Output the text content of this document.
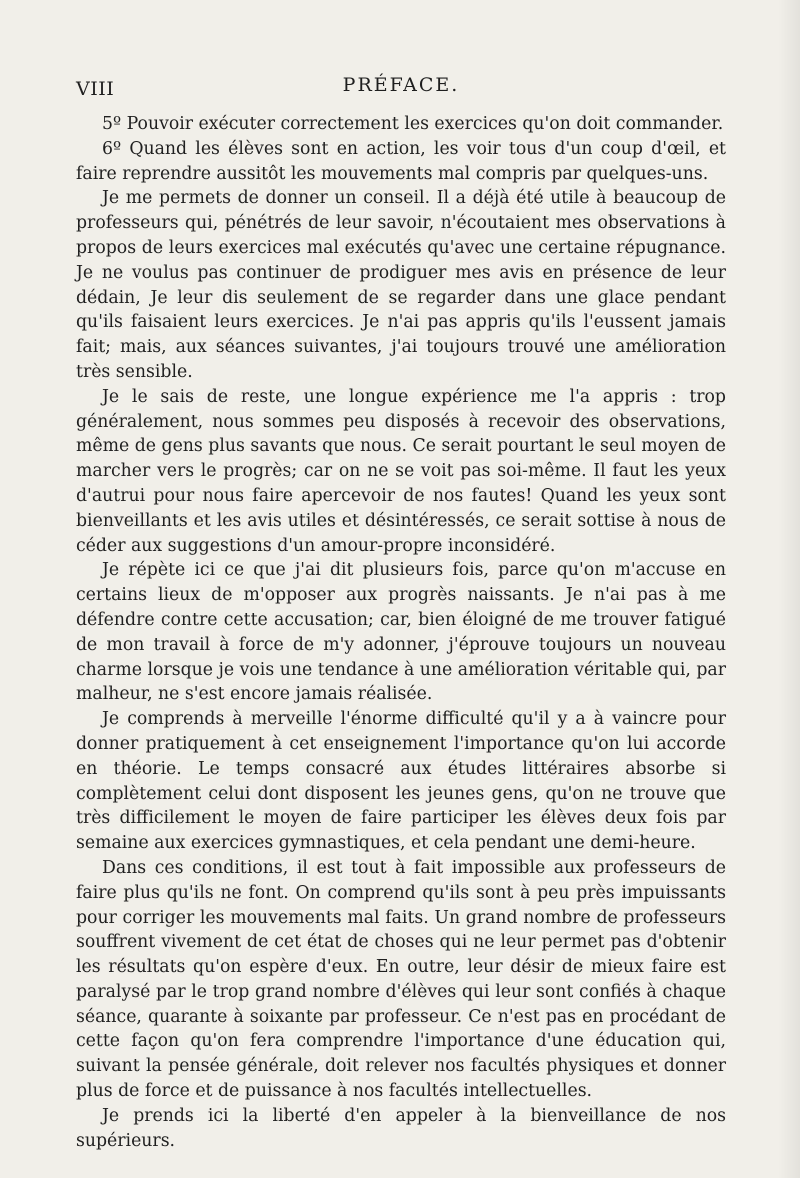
VIII	PRÉFACE.

5º Pouvoir exécuter correctement les exercices qu'on doit commander.

6º Quand les élèves sont en action, les voir tous d'un coup d'œil, et faire reprendre aussitôt les mouvements mal compris par quelques-uns.

Je me permets de donner un conseil. Il a déjà été utile à beaucoup de professeurs qui, pénétrés de leur savoir, n'écoutaient mes observations à propos de leurs exercices mal exécutés qu'avec une certaine répugnance. Je ne voulus pas continuer de prodiguer mes avis en présence de leur dédain, Je leur dis seulement de se regarder dans une glace pendant qu'ils faisaient leurs exercices. Je n'ai pas appris qu'ils l'eussent jamais fait; mais, aux séances suivantes, j'ai toujours trouvé une amélioration très sensible.

Je le sais de reste, une longue expérience me l'a appris : trop généralement, nous sommes peu disposés à recevoir des observations, même de gens plus savants que nous. Ce serait pourtant le seul moyen de marcher vers le progrès; car on ne se voit pas soi-même. Il faut les yeux d'autrui pour nous faire apercevoir de nos fautes! Quand les yeux sont bienveillants et les avis utiles et désintéressés, ce serait sottise à nous de céder aux suggestions d'un amour-propre inconsidéré.

Je répète ici ce que j'ai dit plusieurs fois, parce qu'on m'accuse en certains lieux de m'opposer aux progrès naissants. Je n'ai pas à me défendre contre cette accusation; car, bien éloigné de me trouver fatigué de mon travail à force de m'y adonner, j'éprouve toujours un nouveau charme lorsque je vois une tendance à une amélioration véritable qui, par malheur, ne s'est encore jamais réalisée.

Je comprends à merveille l'énorme difficulté qu'il y a à vaincre pour donner pratiquement à cet enseignement l'importance qu'on lui accorde en théorie. Le temps consacré aux études littéraires absorbe si complètement celui dont disposent les jeunes gens, qu'on ne trouve que très difficilement le moyen de faire participer les élèves deux fois par semaine aux exercices gymnastiques, et cela pendant une demi-heure.

Dans ces conditions, il est tout à fait impossible aux professeurs de faire plus qu'ils ne font. On comprend qu'ils sont à peu près impuissants pour corriger les mouvements mal faits. Un grand nombre de professeurs souffrent vivement de cet état de choses qui ne leur permet pas d'obtenir les résultats qu'on espère d'eux. En outre, leur désir de mieux faire est paralysé par le trop grand nombre d'élèves qui leur sont confiés à chaque séance, quarante à soixante par professeur. Ce n'est pas en procédant de cette façon qu'on fera comprendre l'importance d'une éducation qui, suivant la pensée générale, doit relever nos facultés physiques et donner plus de force et de puissance à nos facultés intellectuelles.

Je prends ici la liberté d'en appeler à la bienveillance de nos supérieurs.
